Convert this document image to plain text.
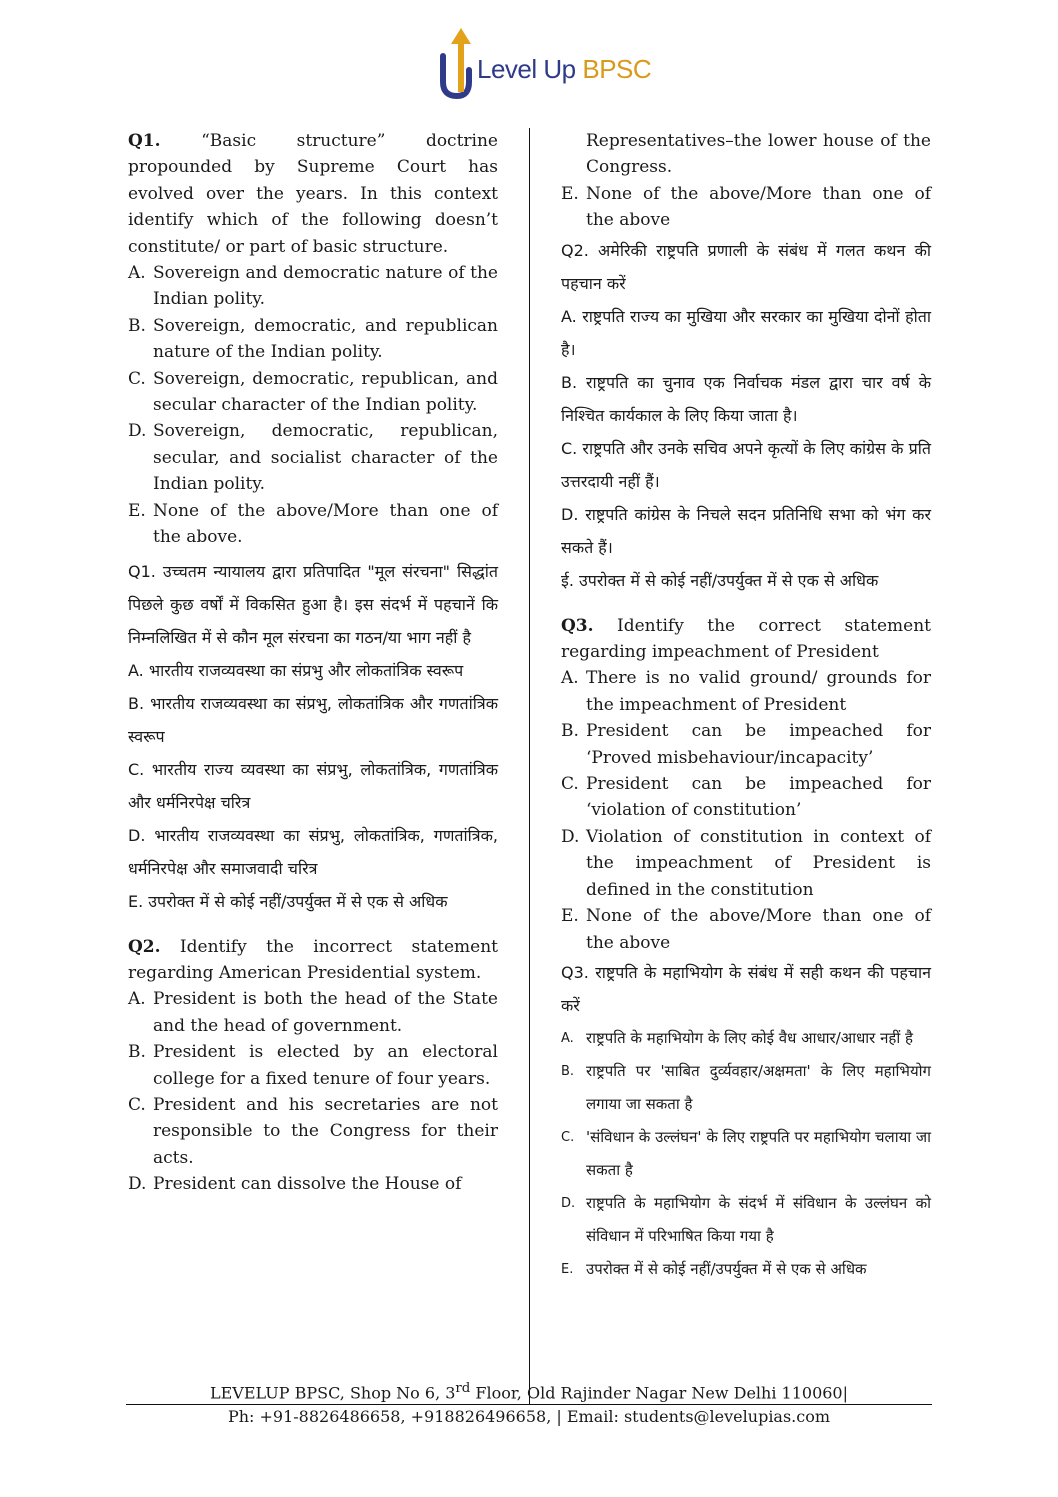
Level Up BPSC

Q1. “Basic structure” doctrine propounded by Supreme Court has evolved over the years. In this context identify which of the following doesn’t constitute/ or part of basic structure.

A. Sovereign and democratic nature of the Indian polity.
B. Sovereign, democratic, and republican nature of the Indian polity.
C. Sovereign, democratic, republican, and secular character of the Indian polity.
D. Sovereign, democratic, republican, secular, and socialist character of the Indian polity.
E. None of the above/More than one of the above.

Q1. उच्चतम न्यायालय द्वारा प्रतिपादित "मूल संरचना" सिद्धांत पिछले कुछ वर्षों में विकसित हुआ है। इस संदर्भ में पहचानें कि निम्नलिखित में से कौन मूल संरचना का गठन/या भाग नहीं है

A. भारतीय राजव्यवस्था का संप्रभु और लोकतांत्रिक स्वरूप

B. भारतीय राजव्यवस्था का संप्रभु, लोकतांत्रिक और गणतांत्रिक स्वरूप

C. भारतीय राज्य व्यवस्था का संप्रभु, लोकतांत्रिक, गणतांत्रिक और धर्मनिरपेक्ष चरित्र

D. भारतीय राजव्यवस्था का संप्रभु, लोकतांत्रिक, गणतांत्रिक, धर्मनिरपेक्ष और समाजवादी चरित्र

E. उपरोक्त में से कोई नहीं/उपर्युक्त में से एक से अधिक

Q2. Identify the incorrect statement regarding American Presidential system.

A. President is both the head of the State and the head of government.
B. President is elected by an electoral college for a fixed tenure of four years.
C. President and his secretaries are not responsible to the Congress for their acts.
D. President can dissolve the House of
Representatives–the lower house of the Congress.
E. None of the above/More than one of the above

Q2. अमेरिकी राष्ट्रपति प्रणाली के संबंध में गलत कथन की पहचान करें

A. राष्ट्रपति राज्य का मुखिया और सरकार का मुखिया दोनों होता है।

B. राष्ट्रपति का चुनाव एक निर्वाचक मंडल द्वारा चार वर्ष के निश्चित कार्यकाल के लिए किया जाता है।

C. राष्ट्रपति और उनके सचिव अपने कृत्यों के लिए कांग्रेस के प्रति उत्तरदायी नहीं हैं।

D. राष्ट्रपति कांग्रेस के निचले सदन प्रतिनिधि सभा को भंग कर सकते हैं।

ई. उपरोक्त में से कोई नहीं/उपर्युक्त में से एक से अधिक

Q3. Identify the correct statement regarding impeachment of President

A. There is no valid ground/ grounds for the impeachment of President
B. President can be impeached for ‘Proved misbehaviour/incapacity’
C. President can be impeached for ‘violation of constitution’
D. Violation of constitution in context of the impeachment of President is defined in the constitution
E. None of the above/More than one of the above

Q3. राष्ट्रपति के महाभियोग के संबंध में सही कथन की पहचान करें

A. राष्ट्रपति के महाभियोग के लिए कोई वैध आधार/आधार नहीं है
B. राष्ट्रपति पर 'साबित दुर्व्यवहार/अक्षमता' के लिए महाभियोग लगाया जा सकता है
C. 'संविधान के उल्लंघन' के लिए राष्ट्रपति पर महाभियोग चलाया जा सकता है
D. राष्ट्रपति के महाभियोग के संदर्भ में संविधान के उल्लंघन को संविधान में परिभाषित किया गया है
E. उपरोक्त में से कोई नहीं/उपर्युक्त में से एक से अधिक
LEVELUP BPSC, Shop No 6, 3rd Floor, Old Rajinder Nagar New Delhi 110060|
Ph: +91-8826486658, +918826496658, | Email: students@levelupias.com
